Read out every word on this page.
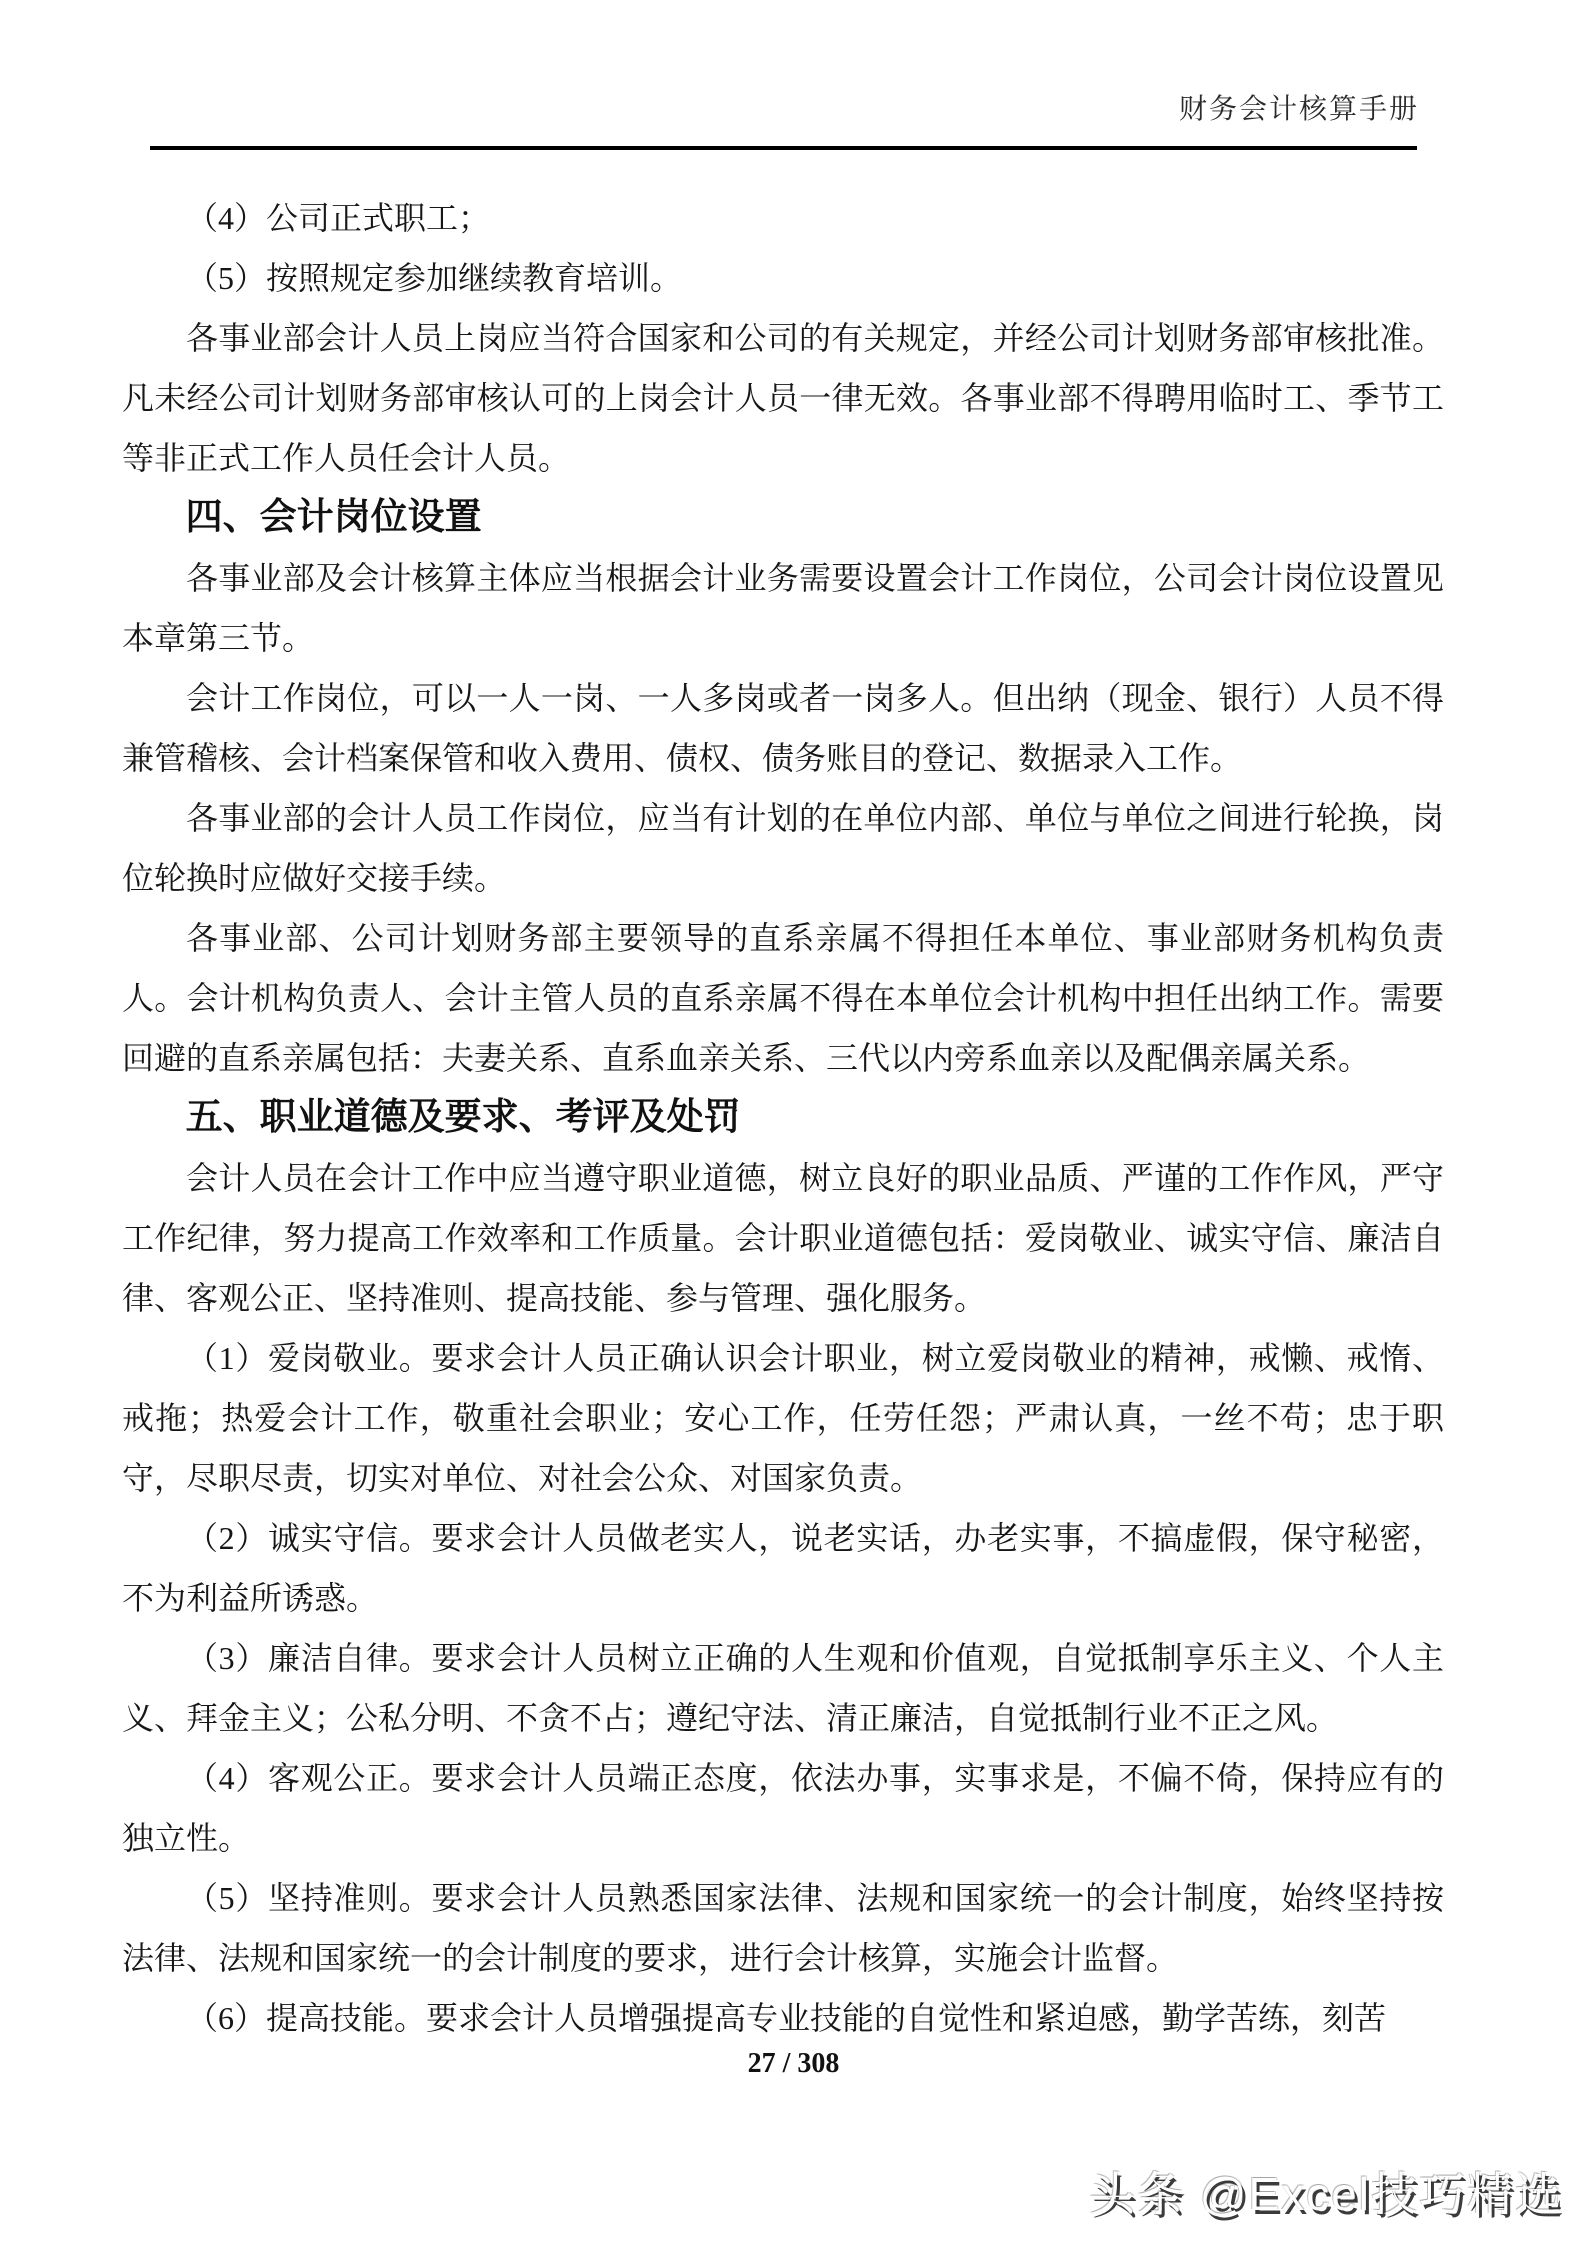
财务会计核算手册

（4）公司正式职工；

（5）按照规定参加继续教育培训。

各事业部会计人员上岗应当符合国家和公司的有关规定，并经公司计划财务部审核批准。凡未经公司计划财务部审核认可的上岗会计人员一律无效。各事业部不得聘用临时工、季节工等非正式工作人员任会计人员。

四、会计岗位设置

各事业部及会计核算主体应当根据会计业务需要设置会计工作岗位，公司会计岗位设置见本章第三节。

会计工作岗位，可以一人一岗、一人多岗或者一岗多人。但出纳（现金、银行）人员不得兼管稽核、会计档案保管和收入费用、债权、债务账目的登记、数据录入工作。

各事业部的会计人员工作岗位，应当有计划的在单位内部、单位与单位之间进行轮换，岗位轮换时应做好交接手续。

各事业部、公司计划财务部主要领导的直系亲属不得担任本单位、事业部财务机构负责人。会计机构负责人、会计主管人员的直系亲属不得在本单位会计机构中担任出纳工作。需要回避的直系亲属包括：夫妻关系、直系血亲关系、三代以内旁系血亲以及配偶亲属关系。

五、职业道德及要求、考评及处罚

会计人员在会计工作中应当遵守职业道德，树立良好的职业品质、严谨的工作作风，严守工作纪律，努力提高工作效率和工作质量。会计职业道德包括：爱岗敬业、诚实守信、廉洁自律、客观公正、坚持准则、提高技能、参与管理、强化服务。

（1）爱岗敬业。要求会计人员正确认识会计职业，树立爱岗敬业的精神，戒懒、戒惰、戒拖；热爱会计工作，敬重社会职业；安心工作，任劳任怨；严肃认真，一丝不苟；忠于职守，尽职尽责，切实对单位、对社会公众、对国家负责。

（2）诚实守信。要求会计人员做老实人，说老实话，办老实事，不搞虚假，保守秘密，不为利益所诱惑。

（3）廉洁自律。要求会计人员树立正确的人生观和价值观，自觉抵制享乐主义、个人主义、拜金主义；公私分明、不贪不占；遵纪守法、清正廉洁，自觉抵制行业不正之风。

（4）客观公正。要求会计人员端正态度，依法办事，实事求是，不偏不倚，保持应有的独立性。

（5）坚持准则。要求会计人员熟悉国家法律、法规和国家统一的会计制度，始终坚持按法律、法规和国家统一的会计制度的要求，进行会计核算，实施会计监督。

（6）提高技能。要求会计人员增强提高专业技能的自觉性和紧迫感，勤学苦练，刻苦

27 / 308
头条 @Excel技巧精选
